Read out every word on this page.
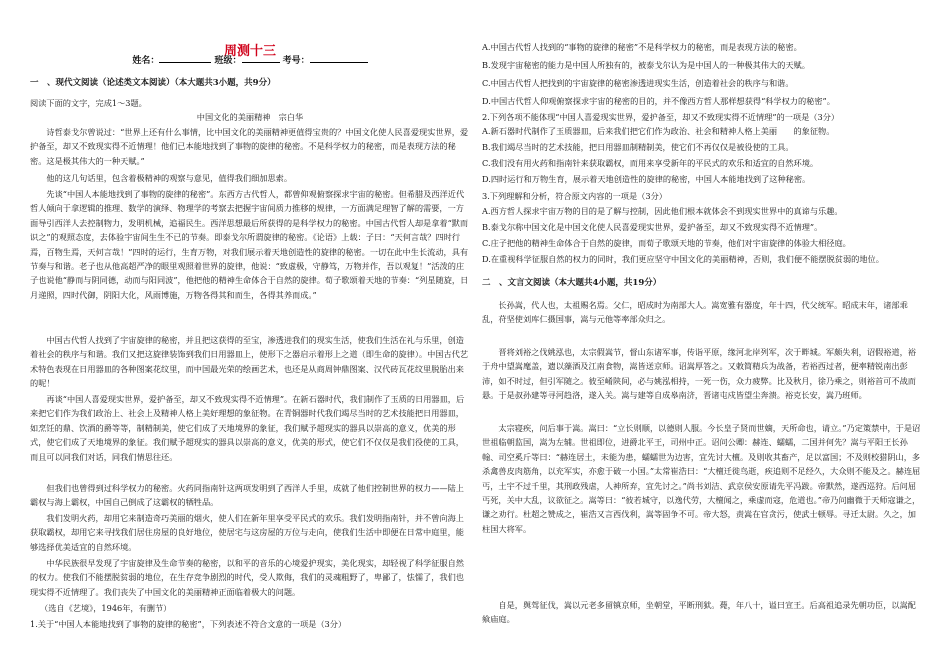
周测十三
姓名：	班级：	考号：
一　、现代文阅读（论述类文本阅读）（本大题共3小题，共9分）

阅读下面的文字，完成1～3题。

中国文化的美丽精神　宗白华

诗哲泰戈尔曾说过：“世界上还有什么事情，比中国文化的美丽精神更值得宝贵的？中国文化使人民喜爱现实世界，爱护备至，却又不致现实得不近情理！他们已本能地找到了事物的旋律的秘密。不是科学权力的秘密，而是表现方法的秘密。这是极其伟大的一种天赋。”

他的这几句话里，包含着极精神的观察与意见，值得我们细加思索。

先谈“中国人本能地找到了事物的旋律的秘密”。东西方古代哲人，都曾仰观俯察探求宇宙的秘密。但希腊及西洋近代哲人倾向于拿逻辑的推理、数学的演绎、物理学的考察去把握宇宙间质力推移的规律，一方面满足理智了解的需要，一方面导引西洋人去控制物力，发明机械，追福民生。西洋思想最后所获得的是科学权力的秘密。中国古代哲人却是拿着“默而识之”的观照态度，去体验宇宙间生生不已的节奏。即泰戈尔所谓旋律的秘密。《论语》上载：子曰：“天何言哉？四时行焉，百物生焉，天何言哉！”四时的运行，生育万物，对我们展示着天地创造性的旋律的秘密。一切在此中生长流动，具有节奏与和谐。老子也从他高超严净的眼里观照着世界的旋律，他说：“致虚极，守静笃，万物并作，吾以观复！”活泼的庄子也说他“静而与阴同德，动而与阳同波”，他把他的精神生命体合于自然的旋律。荀子歌颂着天地的节奏：“列星随旋，日月递照，四时代御，阴阳大化，风雨博施，万物各得其和而生，各得其养而成。”

中国古代哲人找到了宇宙旋律的秘密，并且把这获得的至宝，渗透进我们的现实生活，使我们生活在礼与乐里，创造着社会的秩序与和谐。我们又把这旋律装饰到我们日用器皿上，使形下之器启示着形上之道（即生命的旋律）。中国古代艺术特色表现在日用器皿的各种图案花纹里，而中国最光荣的绘画艺术，也还是从商周钟鼎图案、汉代砖瓦花纹里脱胎出来的呢！

再谈“中国人喜爱现实世界，爱护备至，却又不致现实得不近情理”。在新石器时代，我们制作了玉质的日用器皿，后来把它们作为我们政治上、社会上及精神人格上美好理想的象征物。在青铜器时代我们竭尽当时的艺术技能把日用器皿，如烹饪的鼎、饮酒的爵等等，制精制美，使它们成了天地境界的象征，我们赋予超现实的器具以崇高的意义，优美的形式，使它们成了天地境界的象征。我们赋予超现实的器具以崇高的意义，优美的形式，使它们不仅仅是我们役使的工具，而且可以同我们对话，同我们情思往还。

但我们也曾得到过科学权力的秘密。火药同指南针这两项发明到了西洋人手里，成就了他们控制世界的权力——陆上霸权与海上霸权，中国自己倒成了这霸权的牺牲品。

我们发明火药，却用它来制造奇巧美丽的烟火，使人们在新年里享受平民式的欢乐。我们发明指南针，并不曾向海上获取霸权，却用它来寻找我们居住房屋的良好地位，使居宅与这房屋的万位与走向，使我们生活中即便在日常中庭里，能够选择优美适宜的自然环境。

中华民族很早发现了宇宙旋律及生命节奏的秘密，以和平的音乐的心境爱护现实，美化现实，却轻视了科学征服自然的权力。使我们不能摆脱贫弱的地位，在生存竞争剧烈的时代，受人欺侮，我们的灵魂粗野了，卑鄙了，怯懦了，我们也现实得不近情理了。我们丧失了中国文化的美丽精神正面临着极大的问题。

（选自《艺境》，1946年，有删节）

1.关于“中国人本能地找到了事物的旋律的秘密”，下列表述不符合文意的一项是（3分）

A.中国古代哲人找到的“事物的旋律的秘密”不是科学权力的秘密，而是表现方法的秘密。

B.发现宇宙秘密的能力是中国人所独有的，被泰戈尔认为是中国人的一种极其伟大的天赋。

C.中国古代哲人把找到的宇宙旋律的秘密渗透进现实生活，创造着社会的秩序与和谐。

D.中国古代哲人仰观俯察探求宇宙的秘密的目的，并不像西方哲人那样想获得“科学权力的秘密”。

2.下列各项不能体现“中国人喜爱现实世界，爱护备至，却又不致现实得不近情理”的一项是（3分）

A.新石器时代制作了玉质器皿，后来我们把它们作为政治、社会和精神人格上美丽　　的象征物。

B.我们竭尽当时的艺术技能，把日用器皿制精制美，使它们不再仅仅是被役使的工具。

C.我们没有用火药和指南针来获取霸权，而用来享受新年的平民式的欢乐和适宜的自然环境。

D.四时运行和万物生育，展示着天地创造性的旋律的秘密，中国人本能地找到了这种秘密。

3.下列理解和分析，符合原文内容的一项是（3分）

A.西方哲人探求宇宙万物的目的是了解与控制，因此他们根本就体会不到现实世界中的真谛与乐趣。

B.泰戈尔称中国文化是中国文化使人民喜爱现实世界，爱护备至，却又不致现实得不近情理”。

C.庄子把他的精神生命体合于自然的旋律，而荀子歌颂天地的节奏，他们对宇宙旋律的体验大相径庭。

D.在重视科学征服自然的权力的同时，我们更应坚守中国文化的美丽精神，否则，我们便不能摆脱贫弱的地位。

二　、文言文阅读（本大题共4小题，共19分）

长孙嵩，代人也，太祖赐名焉。父仁，昭成时为南部大人。嵩宽雅有器度，年十四，代父统军。昭成末年，诸部乖乱，苻坚使刘库仁摄国事，嵩与元他等率部众归之。

晋将刘裕之伐姚泓也，太宗假嵩节，督山东诸军事，传诣平原，缘河北岸列军，次于畔城。军颇失利，诏假裕道，裕于舟中望嵩麾盖，遗以藻酒及江南食物，嵩皆送京师。诏嵩厚答之。又敕简精兵为战备，若裕西过者，便率精锐南出彭沛，如不时过，但引军随之。彼至崤陕间，必与姚泓相持，一死一伤，众力疲弊。比及秋月，徐乃乘之，则裕首可不战而悬。于是叔孙建等寻河趋洛，遂入关。嵩与建等自成皋南济，晋诸屯戍皆望尘奔溃。裕克长安，嵩乃班师。

太宗寝疾，问后事于嵩。嵩曰：“立长则顺，以德则人服。今长皇子贤而世嫡，天所命也，请立。”乃定策禁中，于是诏世祖临朝监国，嵩为左辅。世祖即位，进爵北平王，司州中正。诏问公卿：赫连、蠕蠕，二国并何先？嵩与平阳王长孙翰、司空奚斤等曰：“赫连居土，未能为患，蠕蠕世为边害，宜先讨大檀。及则收其畜产，足以富国；不及则校猎阴山，多杀禽兽皮肉筋角，以充军实，亦愈于破一小国。”太常崔浩曰：“大檀迁徙鸟逝，疾追则不足经久，大众则不能及之。赫连屈丐，土宇不过千里，其刑政残虐，人神所弃，宜先讨之。”尚书刘洁、武京侯安原请先平冯跋。帝默然，遂西巡狩。后问屈丐死，关中大乱，议欲征之。嵩等曰：“彼若城守，以逸代劳，大檀闻之，乘虚而寇，危道也。”帝乃问幽微于天师寇谦之，谦之劝行。杜超之赞成之，崔浩又言西伐利，嵩等固争不可。帝大怒，责嵩在官贪污，使武士顿辱。寻迁太尉。久之，加柱国大将军。

自是，舆驾征伐，嵩以元老多留镇京师，坐朝堂，平断刑狱。薨，年八十，谥曰宣王。后高祖追录先朝功臣，以嵩配飨庙庭。
